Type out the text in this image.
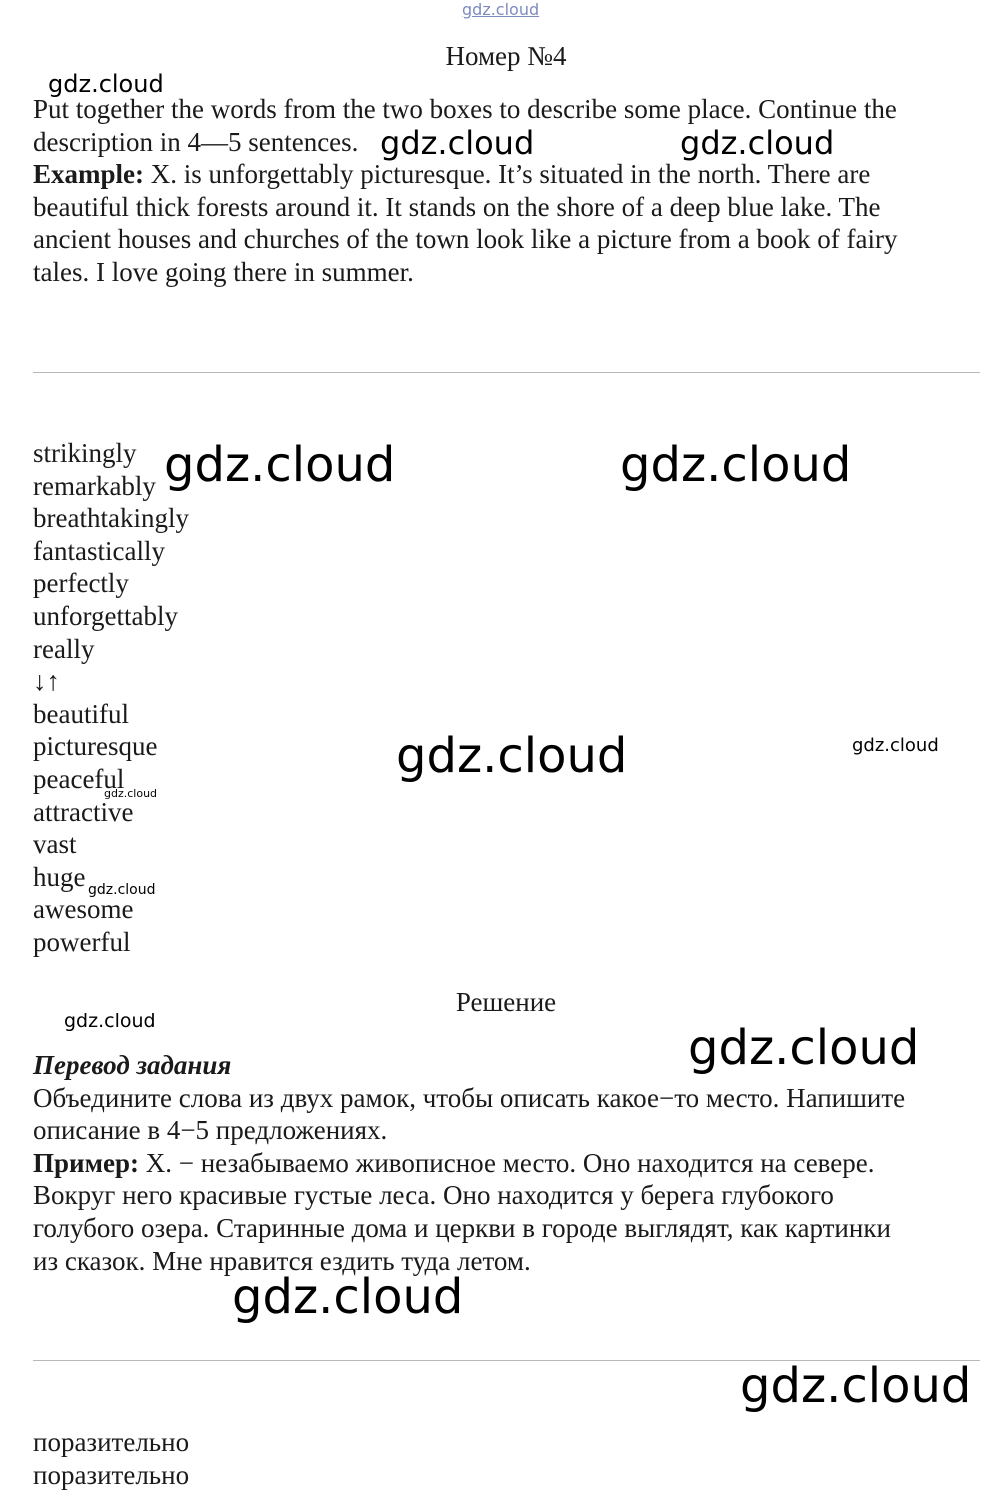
gdz.cloud
Номер №4
Put together the words from the two boxes to describe some place. Continue the
description in 4—5 sentences.
Example: X. is unforgettably picturesque. It’s situated in the north. There are
beautiful thick forests around it. It stands on the shore of a deep blue lake. The
ancient houses and churches of the town look like a picture from a book of fairy
tales. I love going there in summer.
strikingly
remarkably
breathtakingly
fantastically
perfectly
unforgettably
really
↓↑
beautiful
picturesque
peaceful
attractive
vast
huge
awesome
powerful
Решение
Перевод задания
Объедините слова из двух рамок, чтобы описать какое−то место. Напишите
описание в 4−5 предложениях.
Пример: X. − незабываемо живописное место. Оно находится на севере.
Вокруг него красивые густые леса. Оно находится у берега глубокого
голубого озера. Старинные дома и церкви в городе выглядят, как картинки
из сказок. Мне нравится ездить туда летом.
поразительно
поразительно
gdz.cloud
gdz.cloud	gdz.cloud
gdz.cloud	gdz.cloud
gdz.cloud	gdz.cloud
gdz.cloud
gdz.cloud
gdz.cloud	gdz.cloud
gdz.cloud
gdz.cloud
